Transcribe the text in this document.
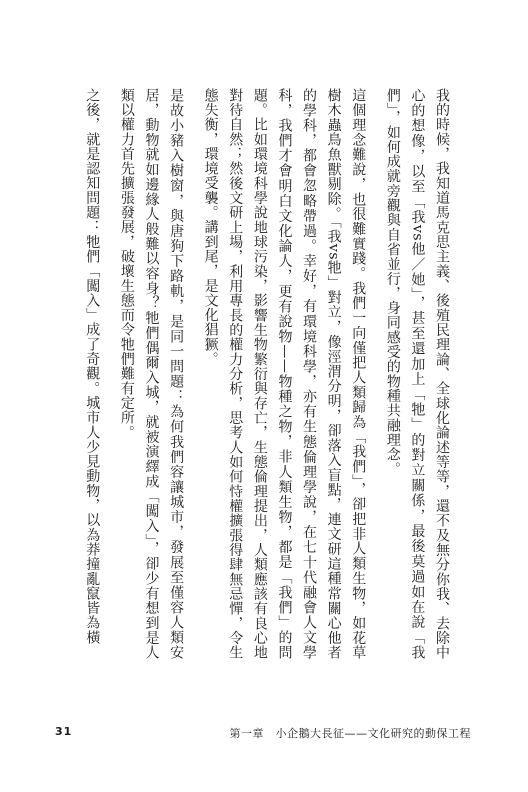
我的時候，我知道馬克思主義、後殖民理論、全球化論述等等，還不及無分你我、去除中心的想像，以至「我vs他／她」，甚至還加上「牠」的對立關係，最後莫過如在說「我們」，如何成就旁觀與自省並行，身同感受的物種共融理念。

這個理念難說，也很難實踐。我們一向僅把人類歸為「我們」，卻把非人類生物，如花草樹木蟲鳥魚獸剔除。「我vs牠」對立，像涇渭分明，卻落入盲點，連文研這種常關心他者的學科，都會忽略帶過。幸好，有環境科學，亦有生態倫理學說，在七十代融會人文學科，我們才會明白文化論人，更有說物——物種之物，非人類生物，都是「我們」的問題。比如環境科學說地球污染，影響生物繁衍與存亡，生態倫理提出，人類應該有良心地對待自然；然後文研上場，利用專長的權力分析，思考人如何恃權擴張得肆無忌憚，令生態失衡，環境受襲。講到尾，是文化猖獗。

是故小豬入樹窗，與唐狗下路軌，是同一問題：為何我們容讓城市，發展至僅容人類安居，動物就如邊緣人般難以容身？牠們偶爾入城，就被演繹成「闖入」，卻少有想到是人類以權力首先擴張發展，破壞生態而令牠們難有定所。

之後，就是認知問題：牠們「闖入」成了奇觀。城市人少見動物，以為莽撞亂竄皆為橫

31	第一章　小企鵝大長征——文化研究的動保工程
